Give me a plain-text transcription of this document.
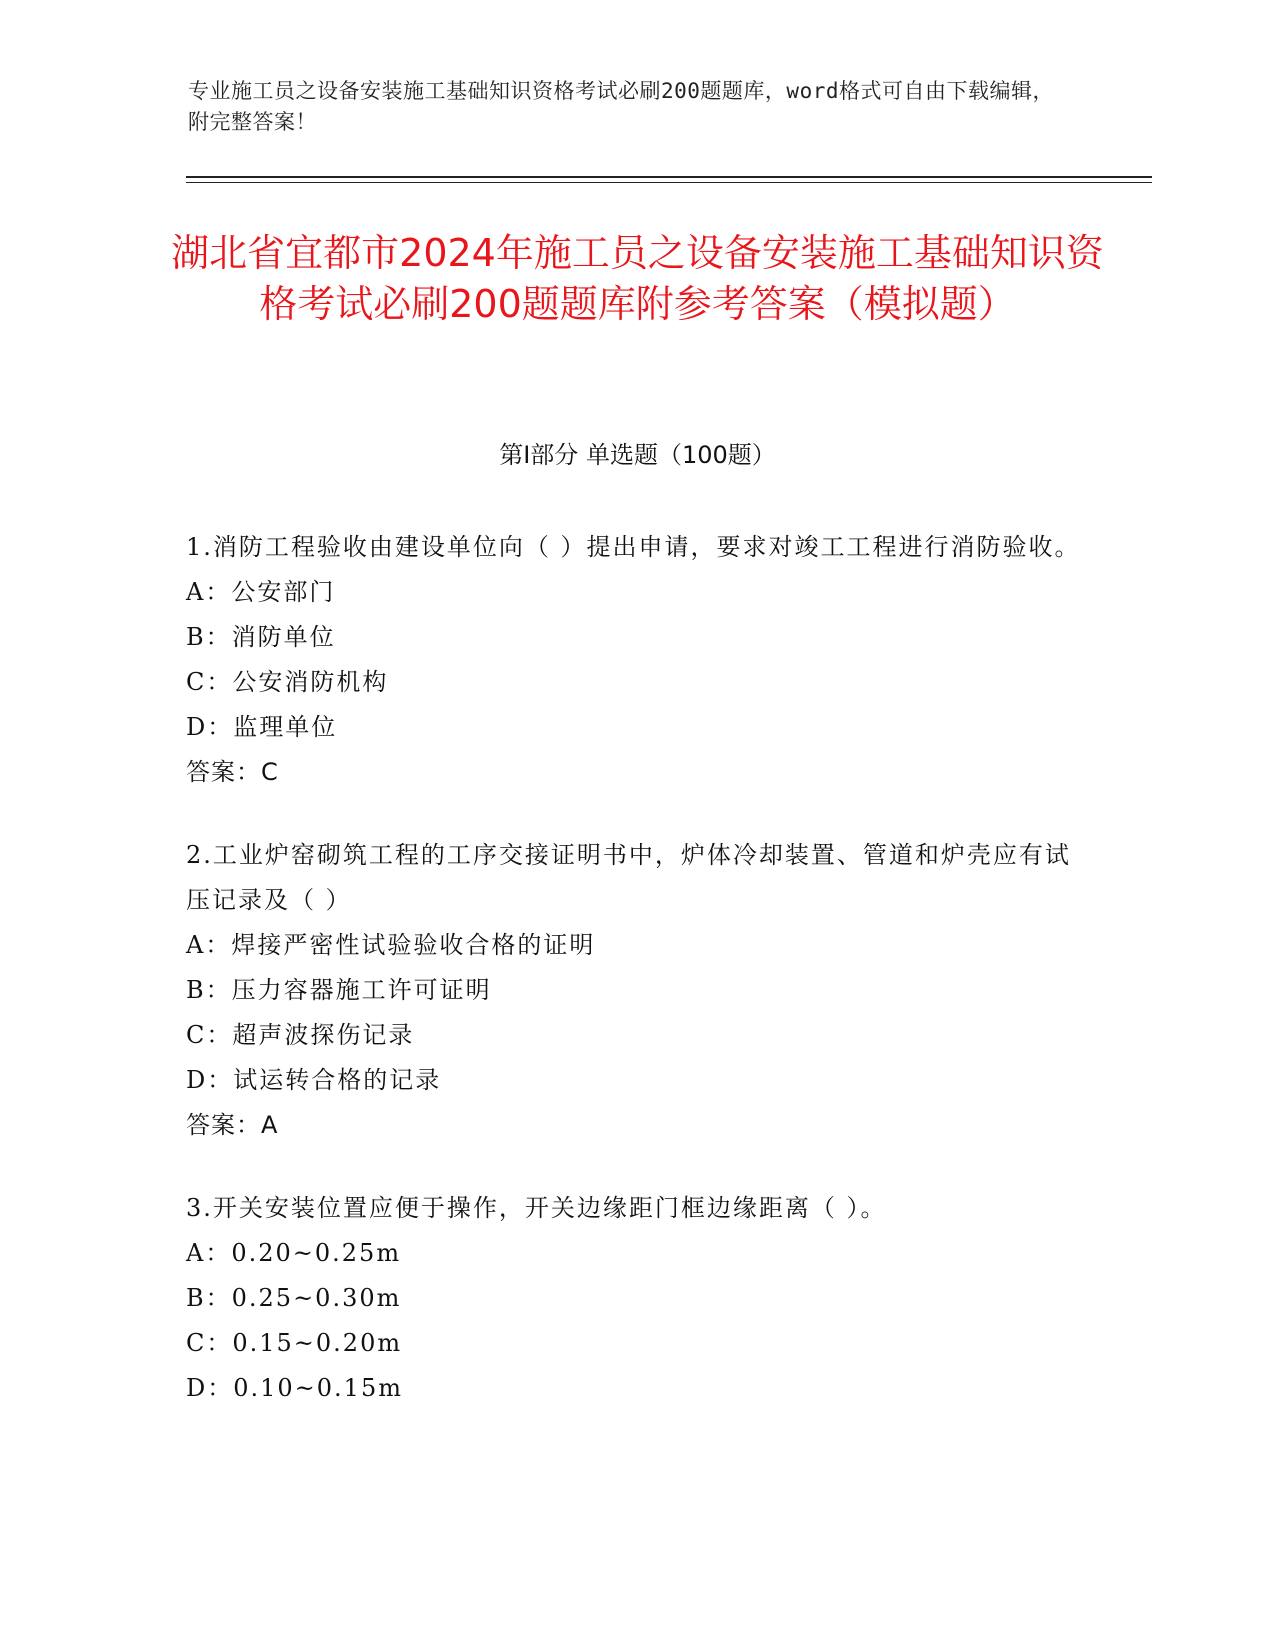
专业施工员之设备安装施工基础知识资格考试必刷200题题库，word格式可自由下载编辑，附完整答案！
湖北省宜都市2024年施工员之设备安装施工基础知识资格考试必刷200题题库附参考答案（模拟题）
第Ⅰ部分 单选题（100题）
1.消防工程验收由建设单位向（ ）提出申请，要求对竣工工程进行消防验收。
A：公安部门
B：消防单位
C：公安消防机构
D：监理单位
答案：C
2.工业炉窑砌筑工程的工序交接证明书中，炉体冷却装置、管道和炉壳应有试压记录及（ ）
A：焊接严密性试验验收合格的证明
B：压力容器施工许可证明
C：超声波探伤记录
D：试运转合格的记录
答案：A
3.开关安装位置应便于操作，开关边缘距门框边缘距离（ ）。
A：0.20~0.25m
B：0.25~0.30m
C：0.15~0.20m
D：0.10~0.15m
